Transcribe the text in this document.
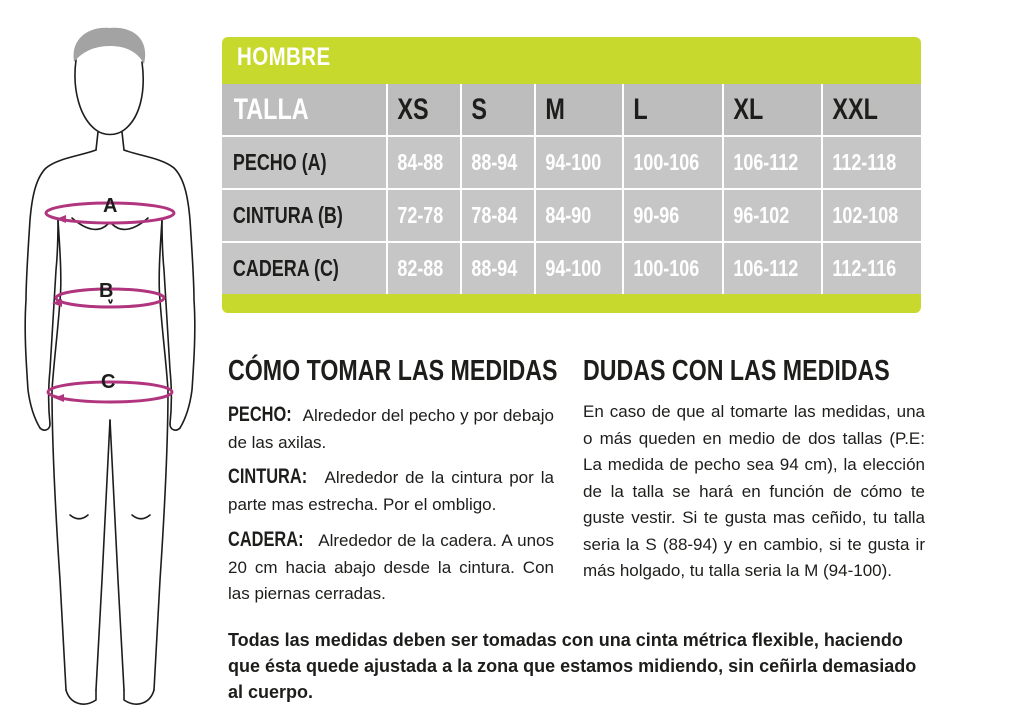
A
B
C
HOMBRE
TALLA	XS	S	M	L	XL	XXL

PECHO (A)	84-88	88-94	94-100	100-106	106-112	112-118

CINTURA (B)	72-78	78-84	84-90	90-96	96-102	102-108

CADERA (C)	82-88	88-94	94-100	100-106	106-112	112-116
CÓMO TOMAR LAS MEDIDAS
PECHO: Alrededor del pecho y por debajo de las axilas.
CINTURA: Alrededor de la cintura por la parte mas estrecha. Por el ombligo.
CADERA: Alrededor de la cadera. A unos 20 cm hacia abajo desde la cintura. Con las piernas cerradas.
DUDAS CON LAS MEDIDAS
En caso de que al tomarte las medidas, una o más queden en medio de dos tallas (P.E: La medida de pecho sea 94 cm), la elección de la talla se hará en función de cómo te guste vestir. Si te gusta mas ceñido, tu talla seria la S (88-94) y en cambio, si te gusta ir más holgado, tu talla seria la M (94-100).
Todas las medidas deben ser tomadas con una cinta métrica flexible, haciendo que ésta quede ajustada a la zona que estamos midiendo, sin ceñirla demasiado al cuerpo.
